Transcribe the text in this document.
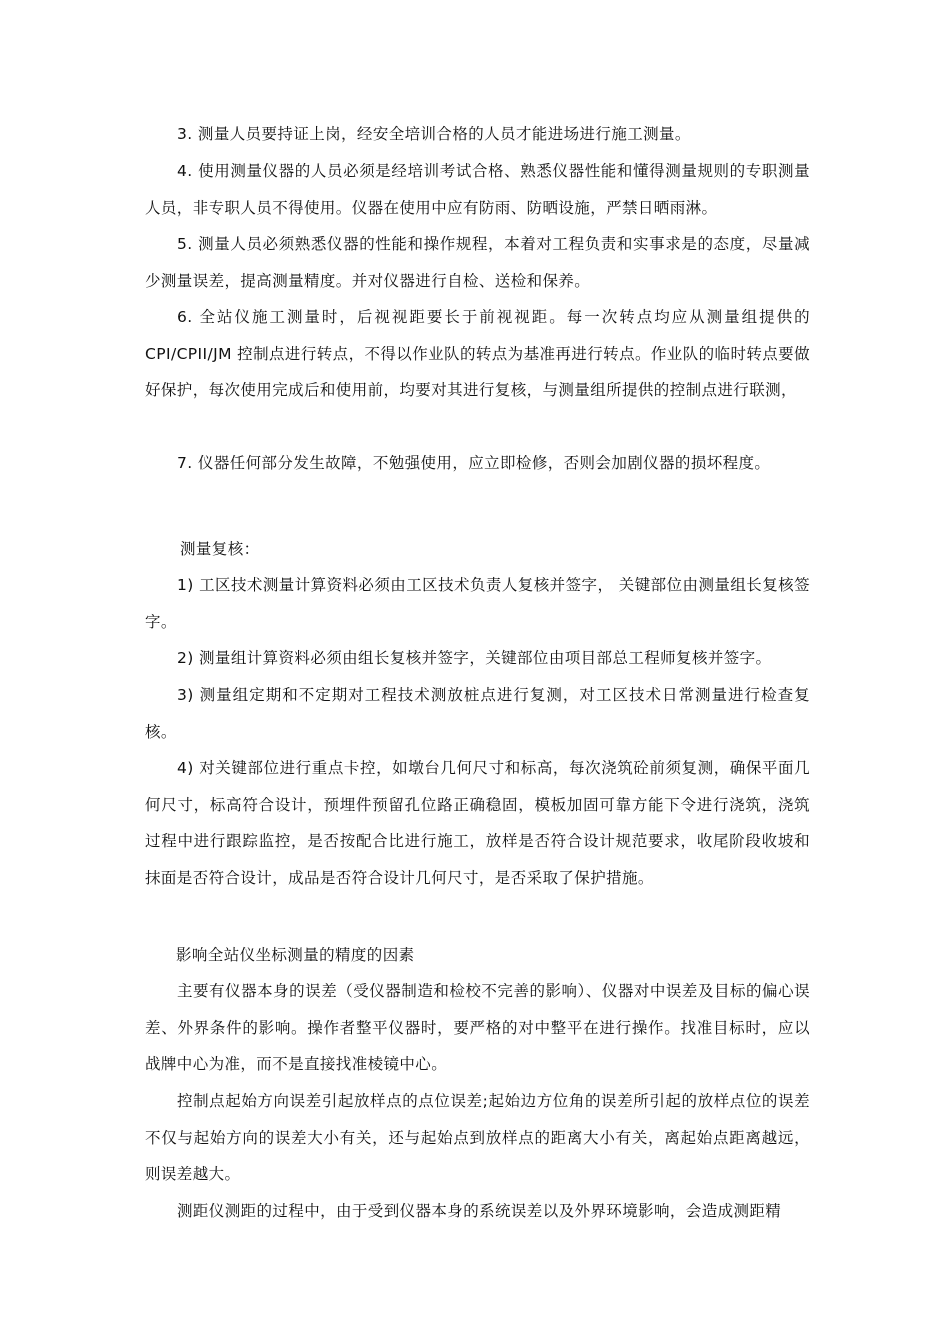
3. 测量人员要持证上岗，经安全培训合格的人员才能进场进行施工测量。

4. 使用测量仪器的人员必须是经培训考试合格、熟悉仪器性能和懂得测量规则的专职测量人员，非专职人员不得使用。仪器在使用中应有防雨、防晒设施，严禁日晒雨淋。

5. 测量人员必须熟悉仪器的性能和操作规程，本着对工程负责和实事求是的态度，尽量减少测量误差，提高测量精度。并对仪器进行自检、送检和保养。

6. 全站仪施工测量时，后视视距要长于前视视距。每一次转点均应从测量组提供的CPI/CPII/JM 控制点进行转点，不得以作业队的转点为基准再进行转点。作业队的临时转点要做好保护，每次使用完成后和使用前，均要对其进行复核，与测量组所提供的控制点进行联测，

7. 仪器任何部分发生故障，不勉强使用，应立即检修，否则会加剧仪器的损坏程度。

测量复核：

1) 工区技术测量计算资料必须由工区技术负责人复核并签字， 关键部位由测量组长复核签字。

2) 测量组计算资料必须由组长复核并签字，关键部位由项目部总工程师复核并签字。

3) 测量组定期和不定期对工程技术测放桩点进行复测，对工区技术日常测量进行检查复核。

4) 对关键部位进行重点卡控，如墩台几何尺寸和标高，每次浇筑砼前须复测，确保平面几何尺寸，标高符合设计，预埋件预留孔位路正确稳固，模板加固可靠方能下令进行浇筑，浇筑过程中进行跟踪监控，是否按配合比进行施工，放样是否符合设计规范要求，收尾阶段收坡和抹面是否符合设计，成品是否符合设计几何尺寸，是否采取了保护措施。

影响全站仪坐标测量的精度的因素

主要有仪器本身的误差（受仪器制造和检校不完善的影响）、仪器对中误差及目标的偏心误差、外界条件的影响。操作者整平仪器时，要严格的对中整平在进行操作。找准目标时，应以战牌中心为准，而不是直接找准棱镜中心。

控制点起始方向误差引起放样点的点位误差;起始边方位角的误差所引起的放样点位的误差不仅与起始方向的误差大小有关，还与起始点到放样点的距离大小有关，离起始点距离越远，则误差越大。

测距仪测距的过程中，由于受到仪器本身的系统误差以及外界环境影响，会造成测距精
